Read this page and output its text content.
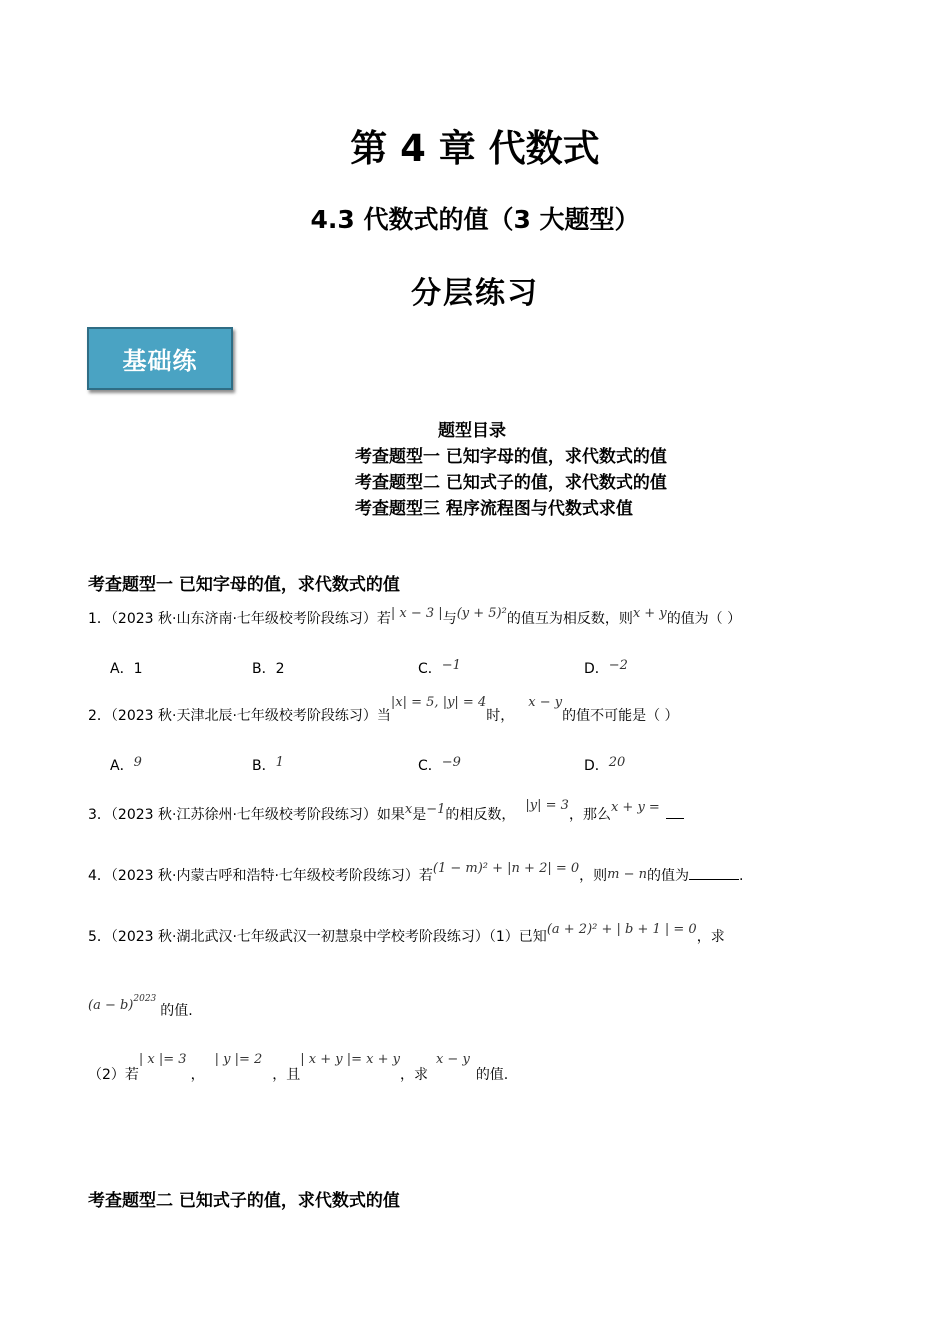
第 4 章 代数式
4.3 代数式的值（3 大题型）
分层练习
基础练
题型目录
考查题型一 已知字母的值，求代数式的值
考查题型二 已知式子的值，求代数式的值
考查题型三 程序流程图与代数式求值
考查题型一 已知字母的值，求代数式的值
1．（2023 秋·山东济南·七年级校考阶段练习）若| x − 3 |与(y + 5)²的值互为相反数，则x + y的值为（ ）
A．1	B．2	C．−1	D．−2
2．（2023 秋·天津北辰·七年级校考阶段练习）当|x| = 5, |y| = 4时，x − y的值不可能是（ ）
A．9	B．1	C．−9	D．20
3．（2023 秋·江苏徐州·七年级校考阶段练习）如果x是−1的相反数，|y| = 3，那么x + y =
4．（2023 秋·内蒙古呼和浩特·七年级校考阶段练习）若(1 − m)² + |n + 2| = 0，则m − n的值为	.
5．（2023 秋·湖北武汉·七年级武汉一初慧泉中学校考阶段练习）（1）已知(a + 2)² + | b + 1 | = 0，求
$(a - b)^{2023}$的值.
（2）若| x |= 3，| y |= 2，且| x + y |= x + y，求x − y的值.
考查题型二 已知式子的值，求代数式的值
